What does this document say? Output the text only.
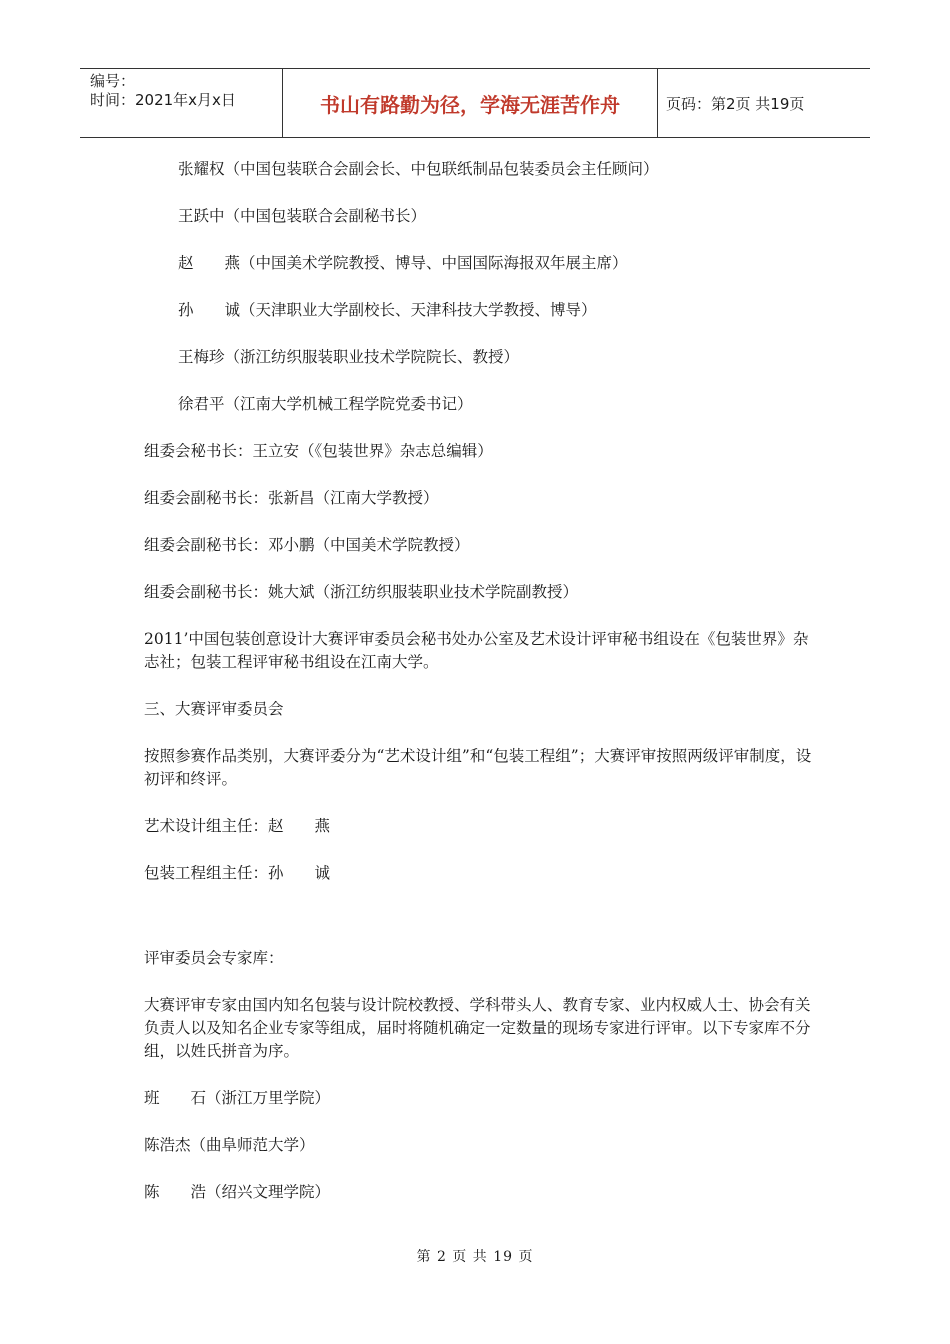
编号：
时间：2021年x月x日	书山有路勤为径，学海无涯苦作舟	页码：第2页 共19页

张耀权（中国包装联合会副会长、中包联纸制品包装委员会主任顾问）

王跃中（中国包装联合会副秘书长）

赵　　燕（中国美术学院教授、博导、中国国际海报双年展主席）

孙　　诚（天津职业大学副校长、天津科技大学教授、博导）

王梅珍（浙江纺织服装职业技术学院院长、教授）

徐君平（江南大学机械工程学院党委书记）

组委会秘书长：王立安（《包装世界》杂志总编辑）

组委会副秘书长：张新昌（江南大学教授）

组委会副秘书长：邓小鹏（中国美术学院教授）

组委会副秘书长：姚大斌（浙江纺织服装职业技术学院副教授）

2011’中国包装创意设计大赛评审委员会秘书处办公室及艺术设计评审秘书组设在《包装世界》杂志社；包装工程评审秘书组设在江南大学。

三、大赛评审委员会

按照参赛作品类别，大赛评委分为“艺术设计组”和“包装工程组”；大赛评审按照两级评审制度，设初评和终评。

艺术设计组主任：赵　　燕

包装工程组主任：孙　　诚

评审委员会专家库：

大赛评审专家由国内知名包装与设计院校教授、学科带头人、教育专家、业内权威人士、协会有关负责人以及知名企业专家等组成，届时将随机确定一定数量的现场专家进行评审。以下专家库不分组，以姓氏拼音为序。

班　　石（浙江万里学院）

陈浩杰（曲阜师范大学）

陈　　浩（绍兴文理学院）

第 2 页 共 19 页
